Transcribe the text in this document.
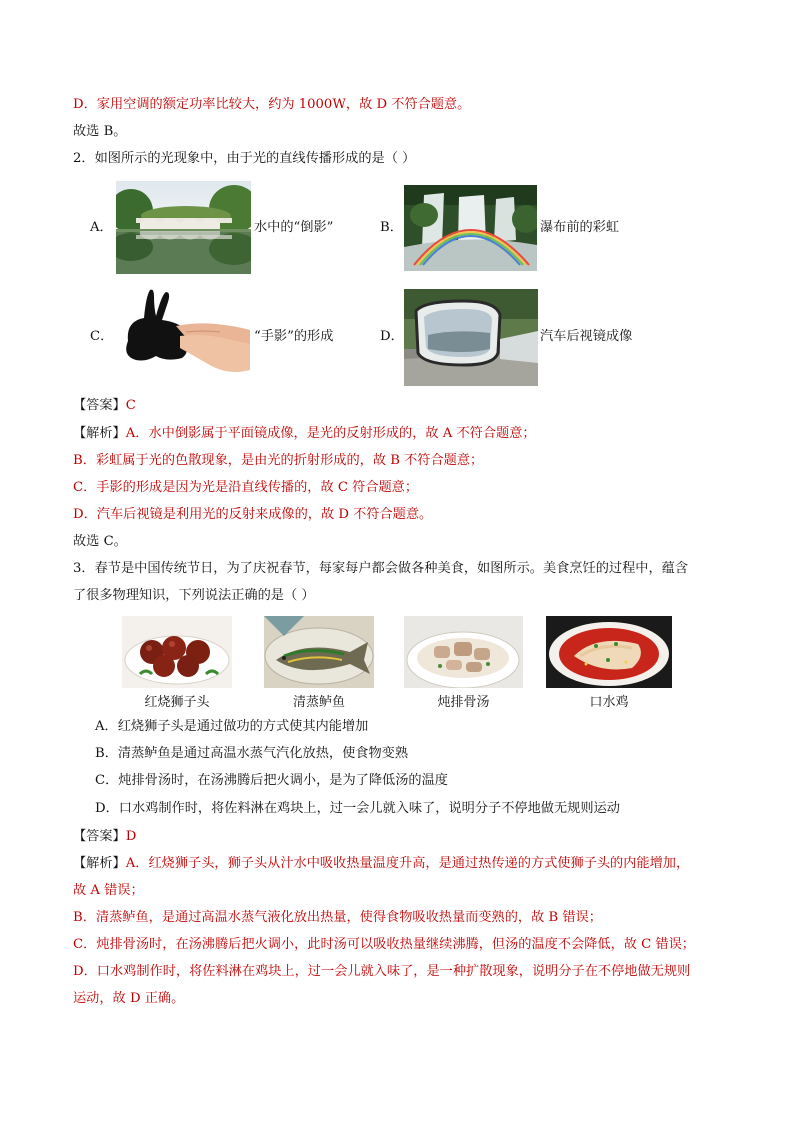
D．家用空调的额定功率比较大，约为 1000W，故 D 不符合题意。
故选 B。
2．如图所示的光现象中，由于光的直线传播形成的是（ ）
A．	水中的“倒影”	B．	瀑布前的彩虹
C．	“手影”的形成	D．	汽车后视镜成像
【答案】C
【解析】A．水中倒影属于平面镜成像，是光的反射形成的，故 A 不符合题意；
B．彩虹属于光的色散现象，是由光的折射形成的，故 B 不符合题意；
C．手影的形成是因为光是沿直线传播的，故 C 符合题意；
D．汽车后视镜是利用光的反射来成像的，故 D 不符合题意。
故选 C。
3．春节是中国传统节日，为了庆祝春节，每家每户都会做各种美食，如图所示。美食烹饪的过程中，蕴含
了很多物理知识，下列说法正确的是（ ）
红烧狮子头	清蒸鲈鱼	炖排骨汤	口水鸡
A．红烧狮子头是通过做功的方式使其内能增加
B．清蒸鲈鱼是通过高温水蒸气汽化放热，使食物变熟
C．炖排骨汤时，在汤沸腾后把火调小，是为了降低汤的温度
D．口水鸡制作时，将佐料淋在鸡块上，过一会儿就入味了，说明分子不停地做无规则运动
【答案】D
【解析】A．红烧狮子头，狮子头从汁水中吸收热量温度升高，是通过热传递的方式使狮子头的内能增加，
故 A 错误；
B．清蒸鲈鱼，是通过高温水蒸气液化放出热量，使得食物吸收热量而变熟的，故 B 错误；
C．炖排骨汤时，在汤沸腾后把火调小，此时汤可以吸收热量继续沸腾，但汤的温度不会降低，故 C 错误；
D．口水鸡制作时，将佐料淋在鸡块上，过一会儿就入味了，是一种扩散现象，说明分子在不停地做无规则
运动，故 D 正确。
